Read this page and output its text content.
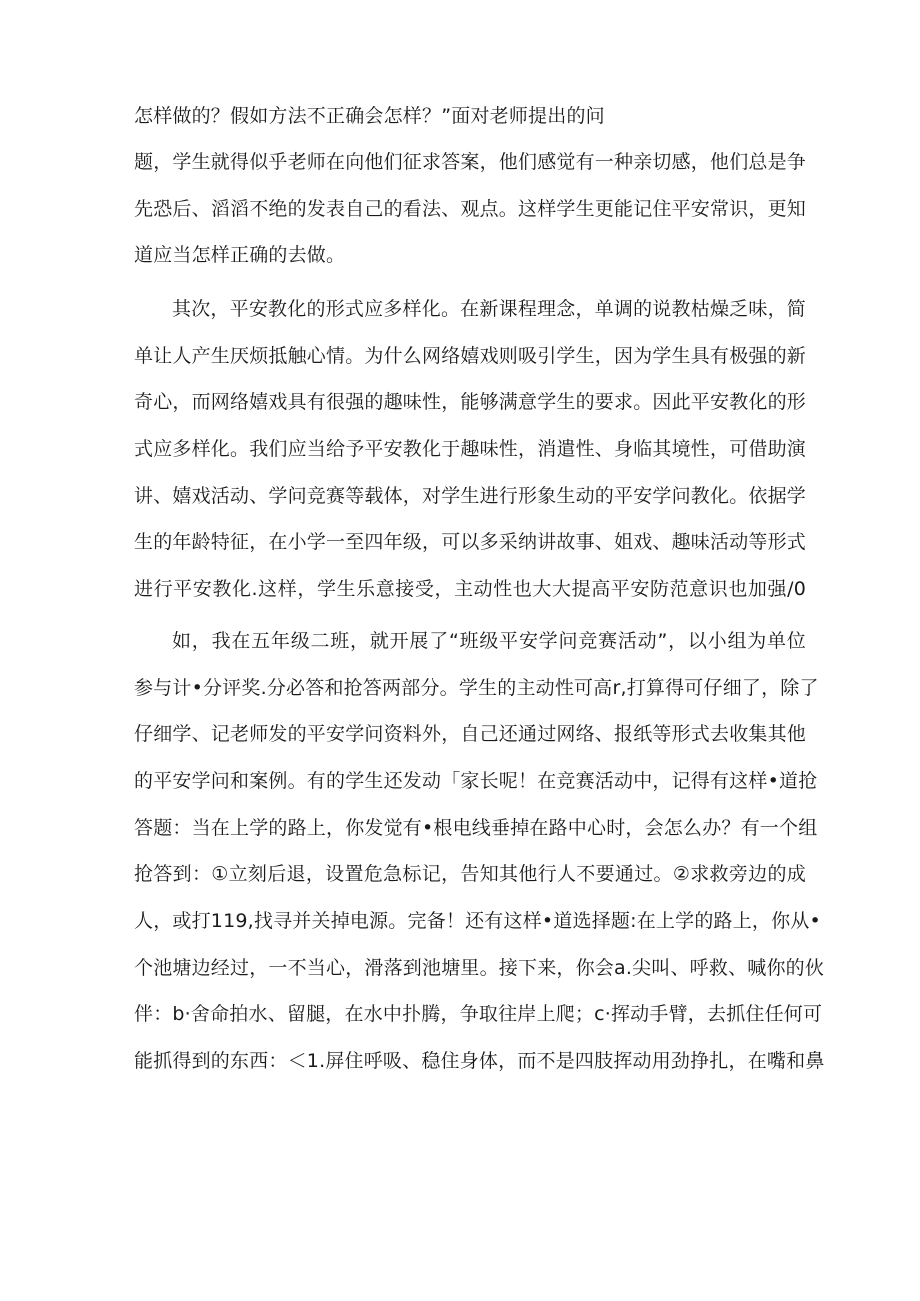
怎样做的？假如方法不正确会怎样？”面对老师提出的问
题，学生就得似乎老师在向他们征求答案，他们感觉有一种亲切感，他们总是争
先恐后、滔滔不绝的发表自己的看法、观点。这样学生更能记住平安常识，更知
道应当怎样正确的去做。
其次，平安教化的形式应多样化。在新课程理念，单调的说教枯燥乏味，简
单让人产生厌烦抵触心情。为什么网络嬉戏则吸引学生，因为学生具有极强的新
奇心，而网络嬉戏具有很强的趣味性，能够满意学生的要求。因此平安教化的形
式应多样化。我们应当给予平安教化于趣味性，消遣性、身临其境性，可借助演
讲、嬉戏活动、学问竞赛等载体，对学生进行形象生动的平安学问教化。依据学
生的年龄特征，在小学一至四年级，可以多采纳讲故事、姐戏、趣味活动等形式
进行平安教化.这样，学生乐意接受，主动性也大大提高平安防范意识也加强/0
如，我在五年级二班，就开展了“班级平安学问竞赛活动”，以小组为单位
参与计•分评奖.分必答和抢答两部分。学生的主动性可高r,打算得可仔细了，除了
仔细学、记老师发的平安学问资料外，自己还通过网络、报纸等形式去收集其他
的平安学问和案例。有的学生还发动「家长呢！在竞赛活动中，记得有这样•道抢
答题：当在上学的路上，你发觉有•根电线垂掉在路中心时，会怎么办？有一个组
抢答到：①立刻后退，设置危急标记，告知其他行人不要通过。②求救旁边的成
人，或打119,找寻并关掉电源。完备！还有这样•道选择题:在上学的路上，你从•
个池塘边经过，一不当心，滑落到池塘里。接下来，你会a.尖叫、呼救、喊你的伙
伴：b·舍命拍水、留腿，在水中扑腾，争取往岸上爬；c·挥动手臂，去抓住任何可
能抓得到的东西：＜1.屏住呼吸、稳住身体，而不是四肢挥动用劲挣扎，在嘴和鼻
